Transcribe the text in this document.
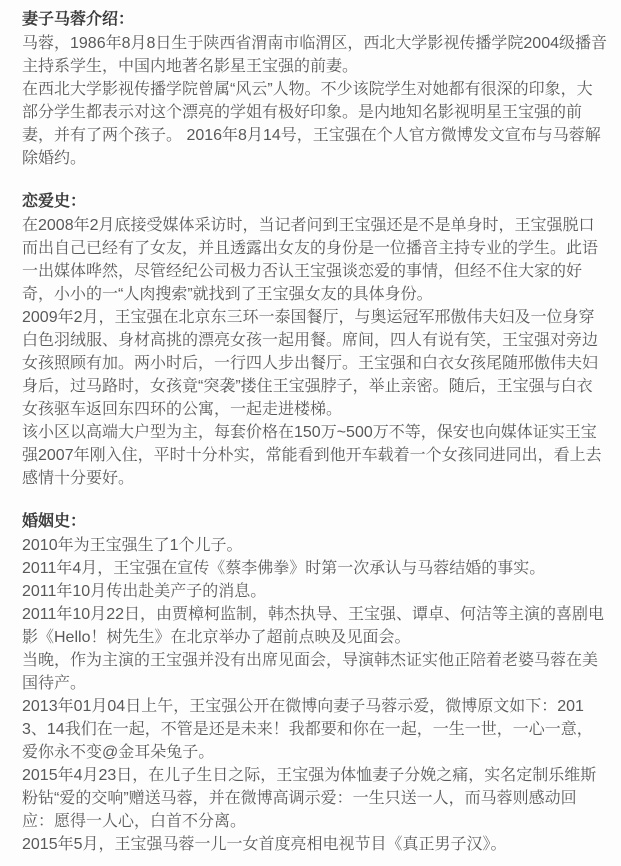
妻子马蓉介绍：

马蓉，1986年8月8日生于陕西省渭南市临渭区，西北大学影视传播学院2004级播音主持系学生，中国内地著名影星王宝强的前妻。

在西北大学影视传播学院曾属“风云”人物。不少该院学生对她都有很深的印象，大部分学生都表示对这个漂亮的学姐有极好印象。是内地知名影视明星王宝强的前妻，并有了两个孩子。 2016年8月14号，王宝强在个人官方微博发文宣布与马蓉解除婚约。

恋爱史：

在2008年2月底接受媒体采访时，当记者问到王宝强还是不是单身时，王宝强脱口而出自己已经有了女友，并且透露出女友的身份是一位播音主持专业的学生。此语一出媒体哗然，尽管经纪公司极力否认王宝强谈恋爱的事情，但经不住大家的好奇，小小的一“人肉搜索”就找到了王宝强女友的具体身份。

2009年2月，王宝强在北京东三环一泰国餐厅，与奥运冠军邢傲伟夫妇及一位身穿白色羽绒服、身材高挑的漂亮女孩一起用餐。席间，四人有说有笑，王宝强对旁边女孩照顾有加。两小时后，一行四人步出餐厅。王宝强和白衣女孩尾随邢傲伟夫妇身后，过马路时，女孩竟“突袭”搂住王宝强脖子，举止亲密。随后，王宝强与白衣女孩驱车返回东四环的公寓，一起走进楼梯。

该小区以高端大户型为主，每套价格在150万~500万不等，保安也向媒体证实王宝强2007年刚入住，平时十分朴实，常能看到他开车载着一个女孩同进同出，看上去感情十分要好。

婚姻史：

2010年为王宝强生了1个儿子。

2011年4月，王宝强在宣传《蔡李佛拳》时第一次承认与马蓉结婚的事实。

2011年10月传出赴美产子的消息。

2011年10月22日，由贾樟柯监制，韩杰执导、王宝强、谭卓、何洁等主演的喜剧电影《Hello！树先生》在北京举办了超前点映及见面会。

当晚，作为主演的王宝强并没有出席见面会，导演韩杰证实他正陪着老婆马蓉在美国待产。

2013年01月04日上午，王宝强公开在微博向妻子马蓉示爱，微博原文如下：2013、14我们在一起，不管是还是未来！我都要和你在一起，一生一世，一心一意，爱你永不变@金耳朵兔子。

2015年4月23日，在儿子生日之际，王宝强为体恤妻子分娩之痛，实名定制乐维斯粉钻“爱的交响”赠送马蓉，并在微博高调示爱：一生只送一人，而马蓉则感动回应：愿得一人心，白首不分离。

2015年5月，王宝强马蓉一儿一女首度亮相电视节目《真正男子汉》。
